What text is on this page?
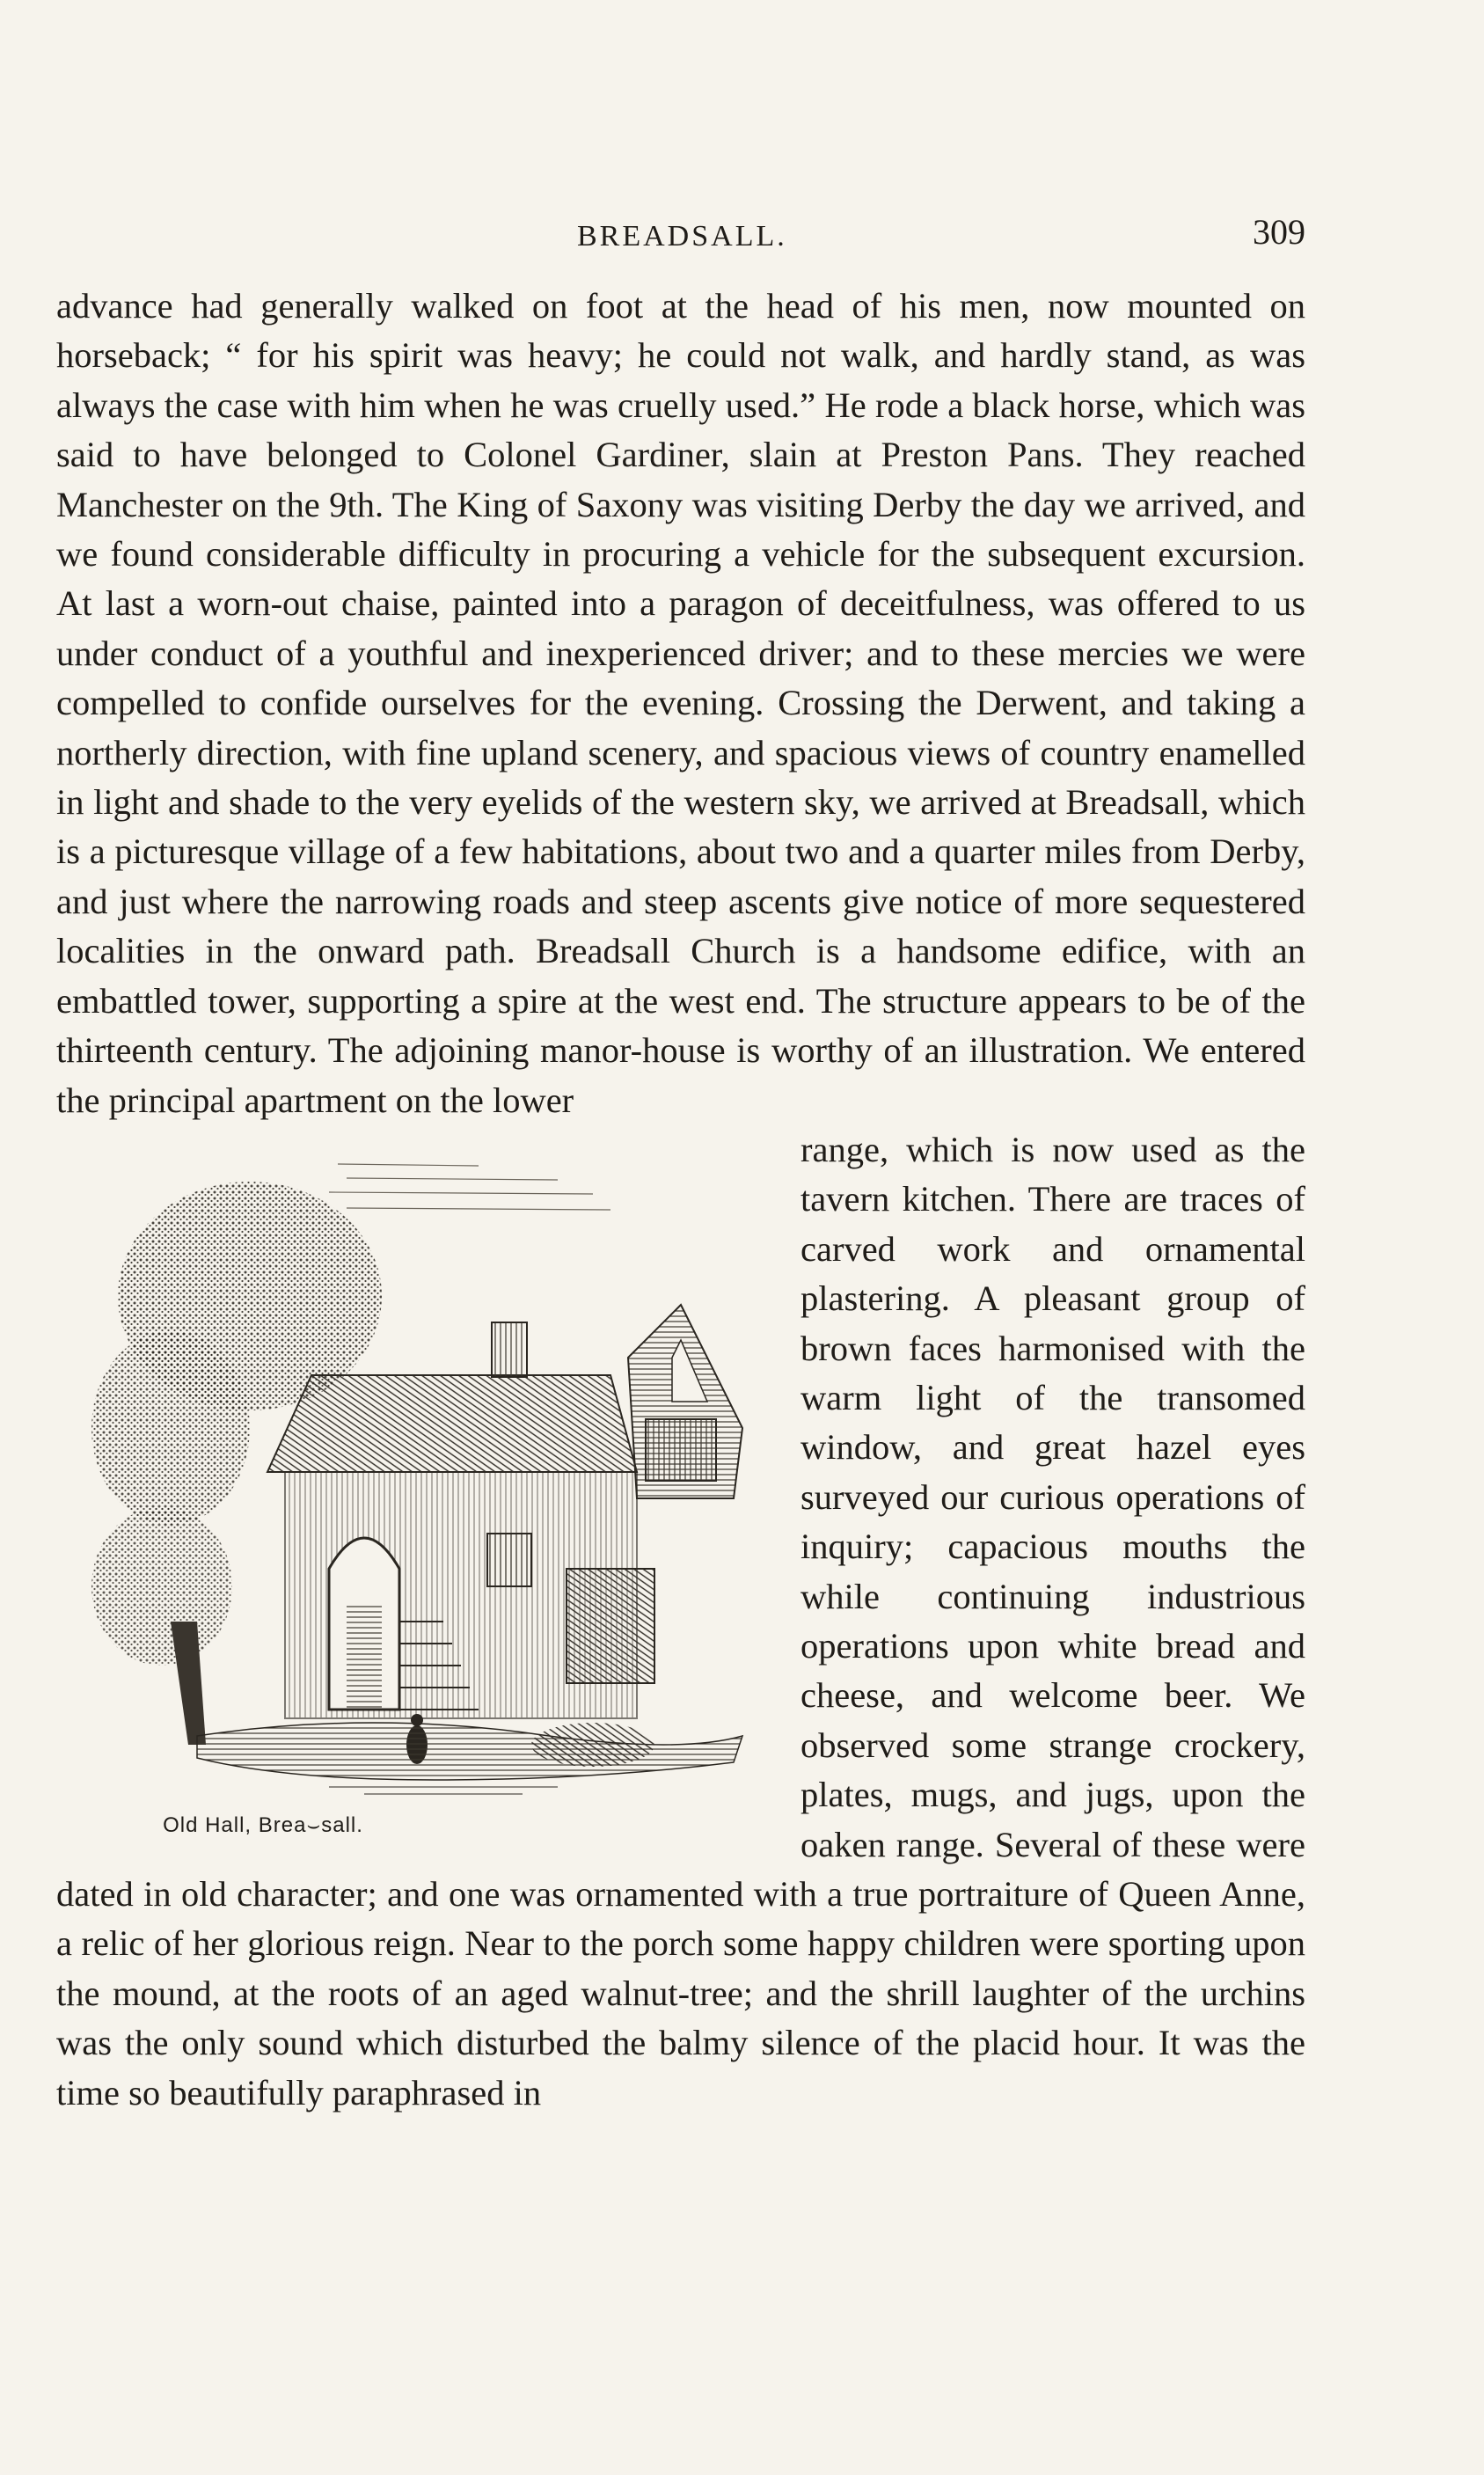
BREADSALL.	309

advance had generally walked on foot at the head of his men, now mounted on horseback; “ for his spirit was heavy; he could not walk, and hardly stand, as was always the case with him when he was cruelly used.” He rode a black horse, which was said to have belonged to Colonel Gardiner, slain at Preston Pans. They reached Manchester on the 9th. The King of Saxony was visiting Derby the day we arrived, and we found considerable difficulty in procuring a vehicle for the subsequent excursion. At last a worn-out chaise, painted into a paragon of deceitfulness, was offered to us under conduct of a youthful and inexperienced driver; and to these mercies we were compelled to confide ourselves for the evening. Crossing the Derwent, and taking a northerly direction, with fine upland scenery, and spacious views of country enamelled in light and shade to the very eyelids of the western sky, we arrived at Breadsall, which is a picturesque village of a few habitations, about two and a quarter miles from Derby, and just where the narrowing roads and steep ascents give notice of more sequestered localities in the onward path. Breadsall Church is a handsome edifice, with an embattled tower, supporting a spire at the west end. The structure appears to be of the thirteenth century. The adjoining manor-house is worthy of an illustration. We entered the principal apartment on the lower

Old Hall, Brea⌣sall.

range, which is now used as the tavern kitchen. There are traces of carved work and ornamental plastering. A pleasant group of brown faces harmonised with the warm light of the transomed window, and great hazel eyes surveyed our curious operations of inquiry; capacious mouths the while continuing industrious operations upon white bread and cheese, and welcome beer. We observed some strange crockery, plates, mugs, and jugs, upon the oaken range. Several of these were dated in old character; and one was ornamented with a true portraiture of Queen Anne, a relic of her glorious reign. Near to the porch some happy children were sporting upon the mound, at the roots of an aged walnut-tree; and the shrill laughter of the urchins was the only sound which disturbed the balmy silence of the placid hour. It was the time so beautifully paraphrased in
